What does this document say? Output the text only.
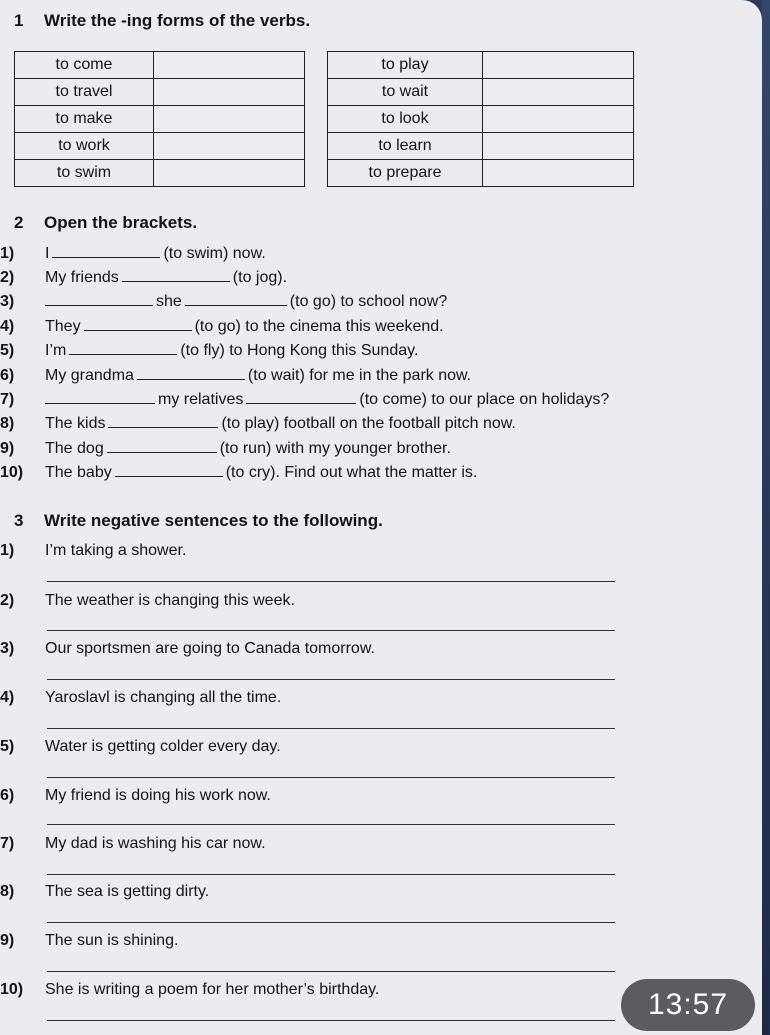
1 Write the -ing forms of the verbs.
to come	
to travel	
to make	
to work	
to swim	
to play	
to wait	
to look	
to learn	
to prepare	
2 Open the brackets.
1) I	(to swim) now.
2) My friends	(to jog).
3)	she	(to go) to school now?
4) They	(to go) to the cinema this weekend.
5) I’m	(to fly) to Hong Kong this Sunday.
6) My grandma	(to wait) for me in the park now.
7)	my relatives	(to come) to our place on holidays?
8) The kids	(to play) football on the football pitch now.
9) The dog	(to run) with my younger brother.
10) The baby	(to cry). Find out what the matter is.
3 Write negative sentences to the following.
1) I’m taking a shower.
2) The weather is changing this week.
3) Our sportsmen are going to Canada tomorrow.
4) Yaroslavl is changing all the time.
5) Water is getting colder every day.
6) My friend is doing his work now.
7) My dad is washing his car now.
8) The sea is getting dirty.
9) The sun is shining.
10) She is writing a poem for her mother’s birthday.	13:57
